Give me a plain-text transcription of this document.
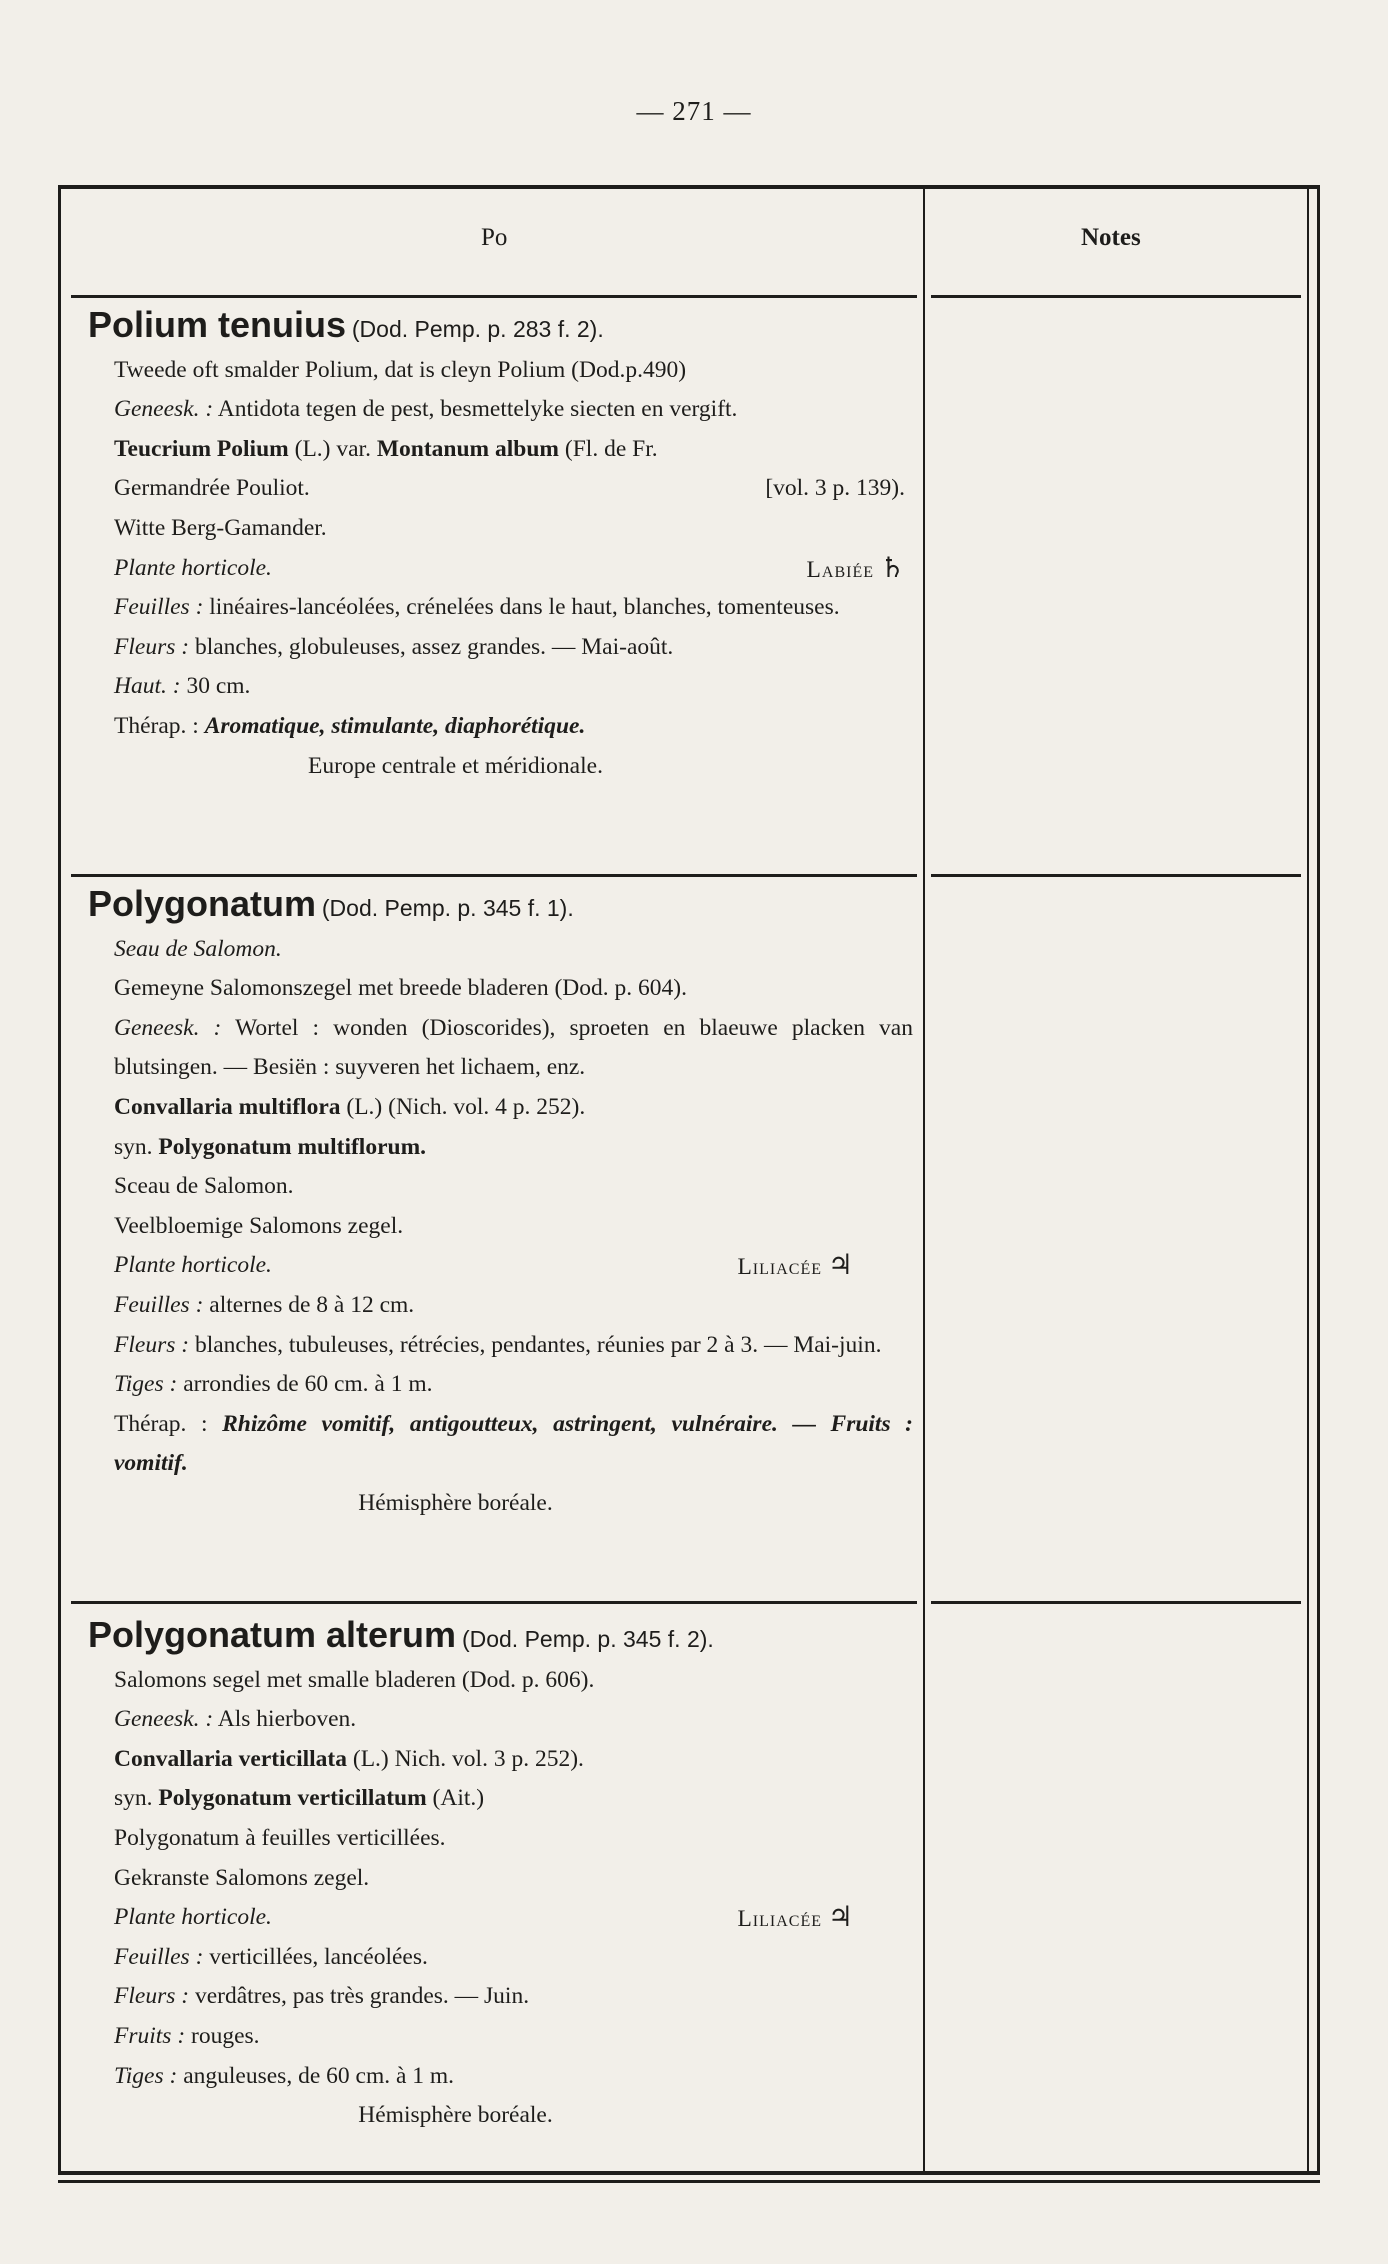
— 271 —
Po	Notes
Polium tenuius (Dod. Pemp. p. 283 f. 2).
Tweede oft smalder Polium, dat is cleyn Polium (Dod.p.490)
Geneesk. : Antidota tegen de pest, besmettelyke siecten en vergift.
Teucrium Polium (L.) var. Montanum album (Fl. de Fr.
Germandrée Pouliot.	[vol. 3 p. 139).
Witte Berg-Gamander.
Plante horticole.	Labiée ♄
Feuilles : linéaires-lancéolées, crénelées dans le haut, blanches, tomenteuses.
Fleurs : blanches, globuleuses, assez grandes. — Mai-août.
Haut. : 30 cm.
Thérap. : Aromatique, stimulante, diaphorétique.
Europe centrale et méridionale.
Polygonatum (Dod. Pemp. p. 345 f. 1).
Seau de Salomon.
Gemeyne Salomonszegel met breede bladeren (Dod. p. 604).
Geneesk. : Wortel : wonden (Dioscorides), sproeten en blaeuwe placken van blutsingen. — Besiën : suyveren het lichaem, enz.
Convallaria multiflora (L.) (Nich. vol. 4 p. 252).
syn. Polygonatum multiflorum.
Sceau de Salomon.
Veelbloemige Salomons zegel.
Plante horticole.	Liliacée ♃
Feuilles : alternes de 8 à 12 cm.
Fleurs : blanches, tubuleuses, rétrécies, pendantes, réunies par 2 à 3. — Mai-juin.
Tiges : arrondies de 60 cm. à 1 m.
Thérap. : Rhizôme vomitif, antigoutteux, astringent, vulnéraire. — Fruits : vomitif.
Hémisphère boréale.
Polygonatum alterum (Dod. Pemp. p. 345 f. 2).
Salomons segel met smalle bladeren (Dod. p. 606).
Geneesk. : Als hierboven.
Convallaria verticillata (L.) Nich. vol. 3 p. 252).
syn. Polygonatum verticillatum (Ait.)
Polygonatum à feuilles verticillées.
Gekranste Salomons zegel.
Plante horticole.	Liliacée ♃
Feuilles : verticillées, lancéolées.
Fleurs : verdâtres, pas très grandes. — Juin.
Fruits : rouges.
Tiges : anguleuses, de 60 cm. à 1 m.
Hémisphère boréale.
